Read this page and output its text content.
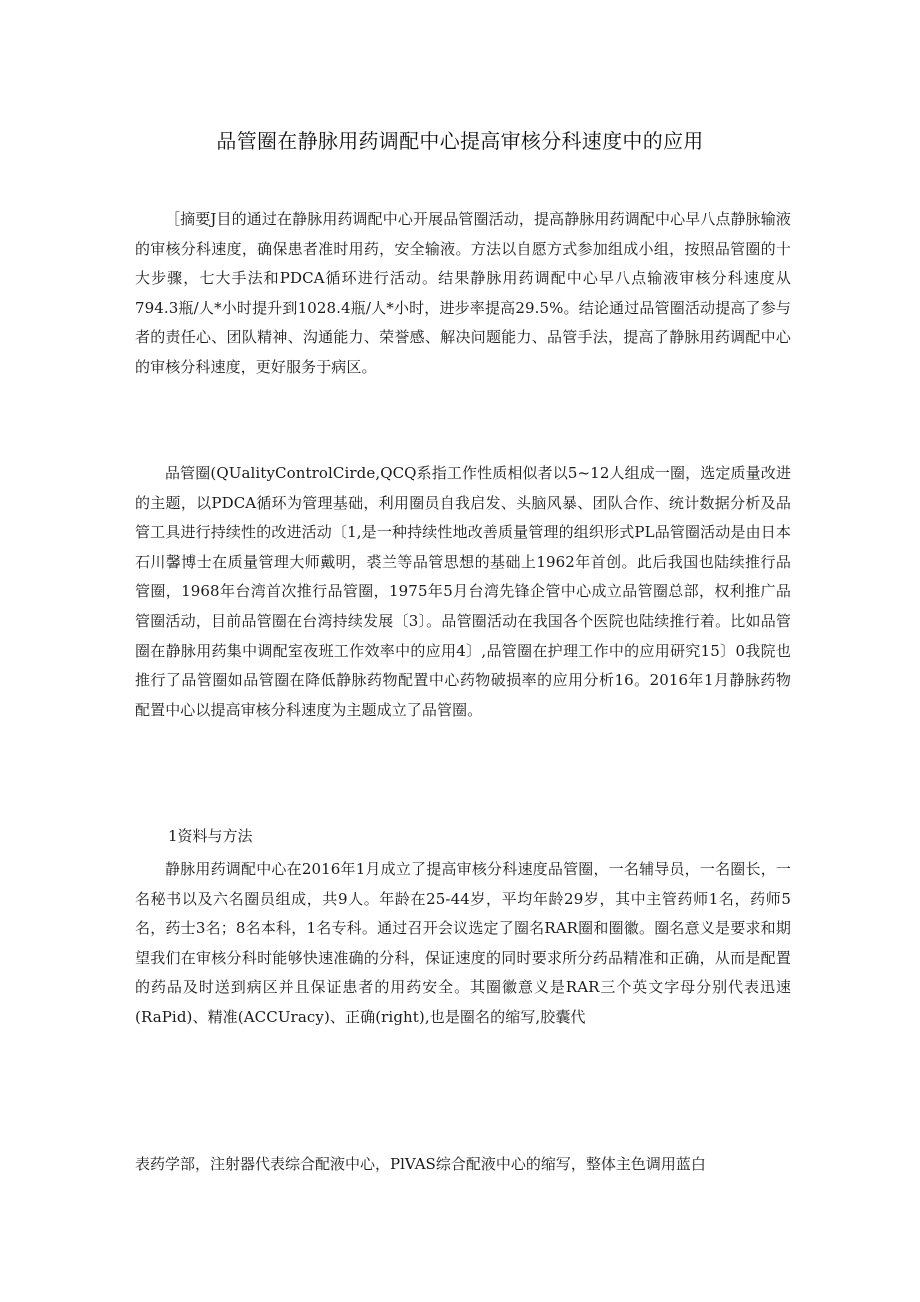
品管圈在静脉用药调配中心提高审核分科速度中的应用

［摘要J目的通过在静脉用药调配中心开展品管圈活动，提高静脉用药调配中心早八点静脉输液的审核分科速度，确保患者准时用药，安全输液。方法以自愿方式参加组成小组，按照品管圈的十大步骤，七大手法和PDCA循环进行活动。结果静脉用药调配中心早八点输液审核分科速度从794.3瓶/人*小时提升到1028.4瓶/人*小时，进步率提高29.5%。结论通过品管圈活动提高了参与者的责任心、团队精神、沟通能力、荣誉感、解决问题能力、品管手法，提高了静脉用药调配中心的审核分科速度，更好服务于病区。

品管圈(QUalityControlCirde,QCQ系指工作性质相似者以5~12人组成一圈，选定质量改进的主题，以PDCA循环为管理基础，利用圈员自我启发、头脑风暴、团队合作、统计数据分析及品管工具进行持续性的改进活动〔1,是一种持续性地改善质量管理的组织形式PL品管圈活动是由日本石川馨博士在质量管理大师戴明，裘兰等品管思想的基础上1962年首创。此后我国也陆续推行品管圈，1968年台湾首次推行品管圈，1975年5月台湾先锋企管中心成立品管圈总部，权利推广品管圈活动，目前品管圈在台湾持续发展〔3〕。品管圈活动在我国各个医院也陆续推行着。比如品管圈在静脉用药集中调配室夜班工作效率中的应用4〕,品管圈在护理工作中的应用研究15〕0我院也推行了品管圈如品管圈在降低静脉药物配置中心药物破损率的应用分析16。2016年1月静脉药物配置中心以提高审核分科速度为主题成立了品管圈。

1资料与方法

静脉用药调配中心在2016年1月成立了提高审核分科速度品管圈，一名辅导员，一名圈长，一名秘书以及六名圈员组成，共9人。年龄在25-44岁，平均年龄29岁，其中主管药师1名，药师5名，药士3名；8名本科，1名专科。通过召开会议选定了圈名RAR圈和圈徽。圈名意义是要求和期望我们在审核分科时能够快速准确的分科，保证速度的同时要求所分药品精准和正确，从而是配置的药品及时送到病区并且保证患者的用药安全。其圈徽意义是RAR三个英文字母分别代表迅速(RaPid)、精准(ACCUracy)、正确(right),也是圈名的缩写,胶囊代

表药学部，注射器代表综合配液中心，PlVAS综合配液中心的缩写，整体主色调用蓝白
